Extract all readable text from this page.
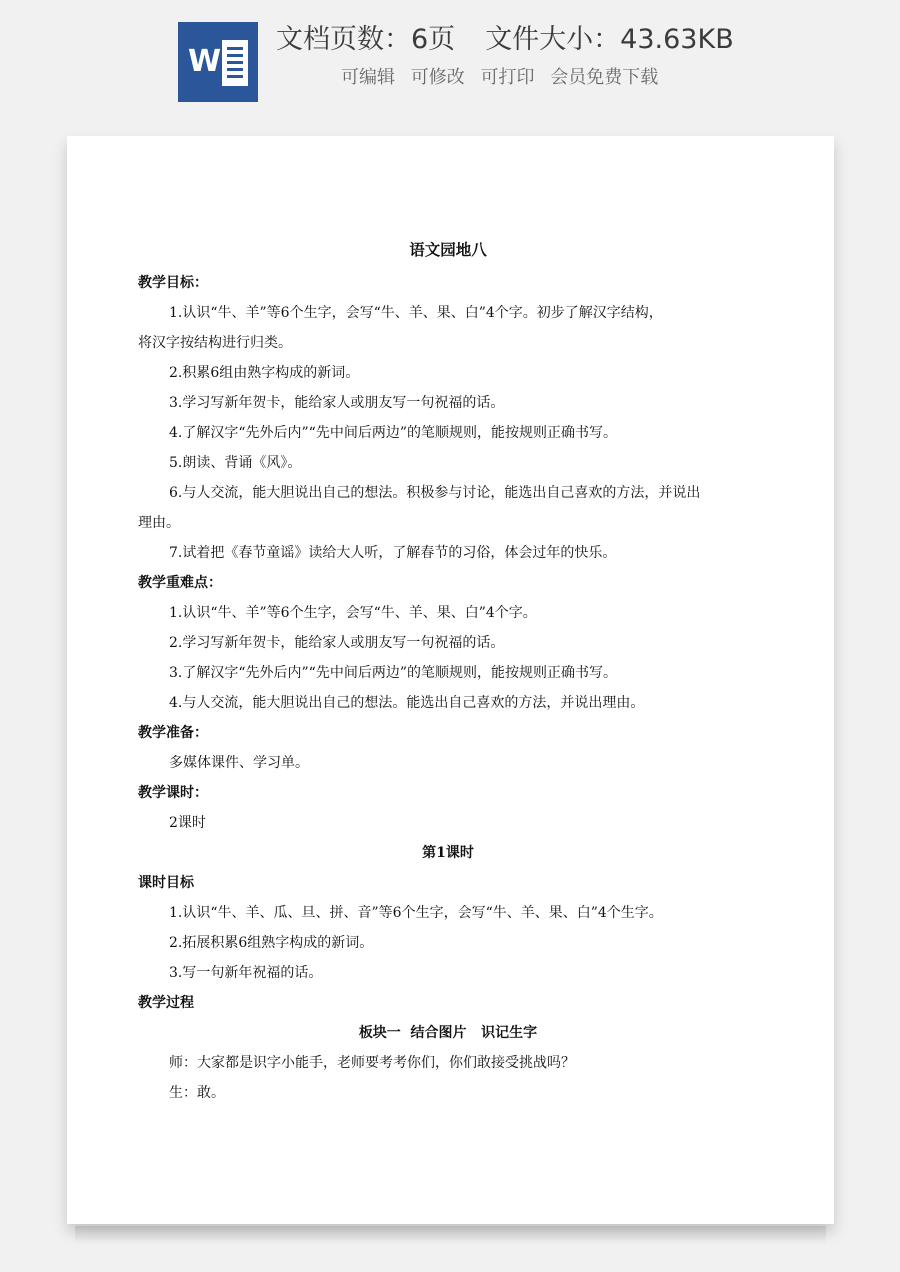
W
文档页数：6页 文件大小：43.63KB
可编辑 可修改 可打印 会员免费下载
语文园地八
教学目标：
1.认识“牛、羊”等6个生字，会写“牛、羊、果、白”4个字。初步了解汉字结构，
将汉字按结构进行归类。
2.积累6组由熟字构成的新词。
3.学习写新年贺卡，能给家人或朋友写一句祝福的话。
4.了解汉字“先外后内”“先中间后两边”的笔顺规则，能按规则正确书写。
5.朗读、背诵《风》。
6.与人交流，能大胆说出自己的想法。积极参与讨论，能选出自己喜欢的方法，并说出
理由。
7.试着把《春节童谣》读给大人听，了解春节的习俗，体会过年的快乐。
教学重难点：
1.认识“牛、羊”等6个生字，会写“牛、羊、果、白”4个字。
2.学习写新年贺卡，能给家人或朋友写一句祝福的话。
3.了解汉字“先外后内”“先中间后两边”的笔顺规则，能按规则正确书写。
4.与人交流，能大胆说出自己的想法。能选出自己喜欢的方法，并说出理由。
教学准备：
多媒体课件、学习单。
教学课时：
2课时
第1课时
课时目标
1.认识“牛、羊、瓜、旦、拼、音”等6个生字，会写“牛、羊、果、白”4个生字。
2.拓展积累6组熟字构成的新词。
3.写一句新年祝福的话。
教学过程
板块一  结合图片   识记生字
师：大家都是识字小能手，老师要考考你们，你们敢接受挑战吗？
生：敢。
